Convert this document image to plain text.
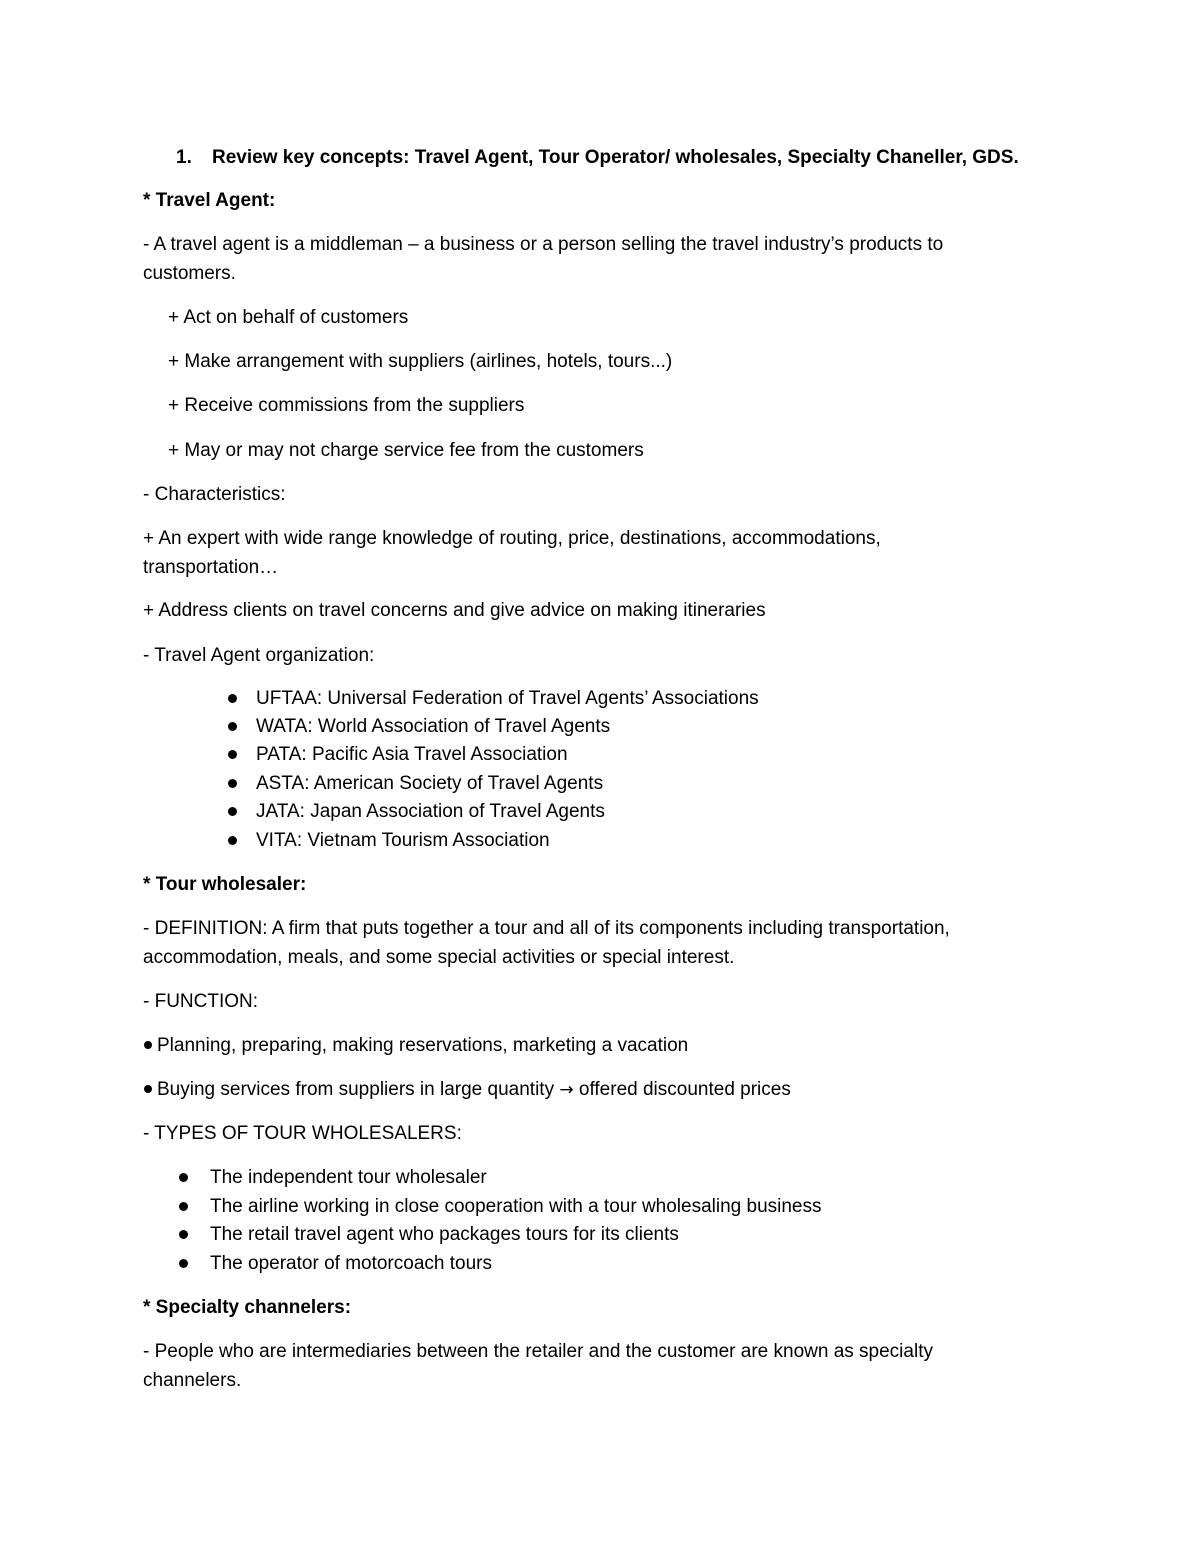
1. Review key concepts: Travel Agent, Tour Operator/ wholesales, Specialty Chaneller, GDS.
* Travel Agent:
- A travel agent is a middleman – a business or a person selling the travel industry’s products to
customers.
+ Act on behalf of customers
+ Make arrangement with suppliers (airlines, hotels, tours...)
+ Receive commissions from the suppliers
+ May or may not charge service fee from the customers
- Characteristics:
+ An expert with wide range knowledge of routing, price, destinations, accommodations,
transportation…
+ Address clients on travel concerns and give advice on making itineraries
- Travel Agent organization:
UFTAA: Universal Federation of Travel Agents’ Associations
WATA: World Association of Travel Agents
PATA: Pacific Asia Travel Association
ASTA: American Society of Travel Agents
JATA: Japan Association of Travel Agents
VITA: Vietnam Tourism Association
* Tour wholesaler:
- DEFINITION: A firm that puts together a tour and all of its components including transportation,
accommodation, meals, and some special activities or special interest.
- FUNCTION:
Planning, preparing, making reservations, marketing a vacation
Buying services from suppliers in large quantity → offered discounted prices
- TYPES OF TOUR WHOLESALERS:
The independent tour wholesaler
The airline working in close cooperation with a tour wholesaling business
The retail travel agent who packages tours for its clients
The operator of motorcoach tours
* Specialty channelers:
- People who are intermediaries between the retailer and the customer are known as specialty
channelers.
